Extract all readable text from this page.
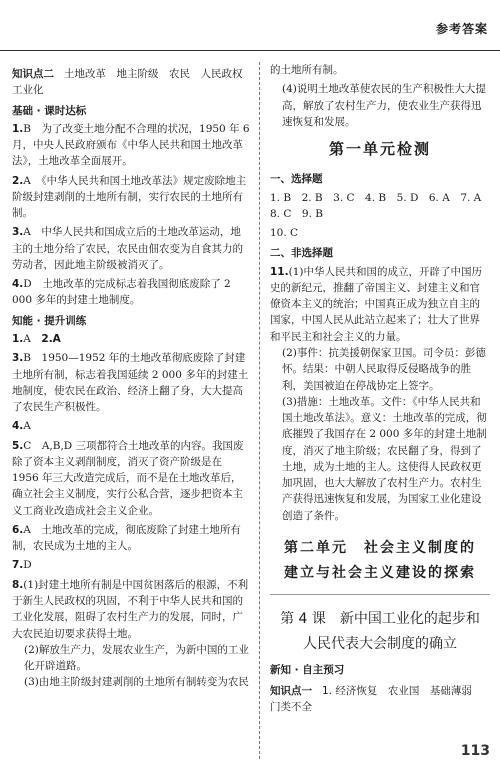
参考答案

知识点二 土地改革　地主阶级　农民　人民政权　工业化

基础 · 课时达标
1.B　为了改变土地分配不合理的状况，1950 年 6 月，中央人民政府颁布《中华人民共和国土地改革法》，土地改革全面展开。
2.A　《中华人民共和国土地改革法》规定废除地主阶级封建剥削的土地所有制，实行农民的土地所有制。
3.A　中华人民共和国成立后的土地改革运动，地主的土地分给了农民，农民由佃农变为自食其力的劳动者，因此地主阶级被消灭了。
4.D　土地改革的完成标志着我国彻底废除了 2 000 多年的封建土地制度。
知能 · 提升训练
1.A　2.A
3.B　1950—1952 年的土地改革彻底废除了封建土地所有制，标志着我国延续 2 000 多年的封建土地制度，使农民在政治、经济上翻了身，大大提高了农民生产积极性。
4.A
5.C　A,B,D 三项都符合土地改革的内容。我国废除了资本主义剥削制度，消灭了资产阶级是在 1956 年三大改造完成后，而不是在土地改革后，确立社会主义制度，实行公私合营，逐步把资本主义工商业改造成社会主义企业。
6.A　土地改革的完成，彻底废除了封建土地所有制，农民成为土地的主人。
7.D
8.(1)封建土地所有制是中国贫困落后的根源，不利于新生人民政权的巩固，不利于中华人民共和国的工业化发展，阻碍了农村生产力的发展，同时，广大农民迫切要求获得土地。
(2)解放生产力，发展农业生产，为新中国的工业化开辟道路。
(3)由地主阶级封建剥削的土地所有制转变为农民
的土地所有制。
(4)说明土地改革使农民的生产积极性大大提高，解放了农村生产力，使农业生产获得迅速恢复和发展。
第一单元检测
一、选择题
1. B　2. B　3. C　4. B　5. D　6. A　7. A　8. C　9. B
10. C
二、非选择题
11.(1)中华人民共和国的成立，开辟了中国历史的新纪元，推翻了帝国主义、封建主义和官僚资本主义的统治；中国真正成为独立自主的国家，中国人民从此站立起来了；壮大了世界和平民主和社会主义的力量。
(2)事件：抗美援朝保家卫国。司令员：彭德怀。结果：中朝人民取得反侵略战争的胜利，美国被迫在停战协定上签字。
(3)措施：土地改革。文件：《中华人民共和国土地改革法》。意义：土地改革的完成，彻底摧毁了我国存在 2 000 多年的封建土地制度，消灭了地主阶级；农民翻了身，得到了土地，成为土地的主人。这使得人民政权更加巩固，也大大解放了农村生产力。农村生产获得迅速恢复和发展，为国家工业化建设创造了条件。
第二单元　社会主义制度的
建立与社会主义建设的探索
第 4 课　新中国工业化的起步和
人民代表大会制度的确立
新知 · 自主预习

知识点一 1. 经济恢复　农业国　基础薄弱　门类不全

113
